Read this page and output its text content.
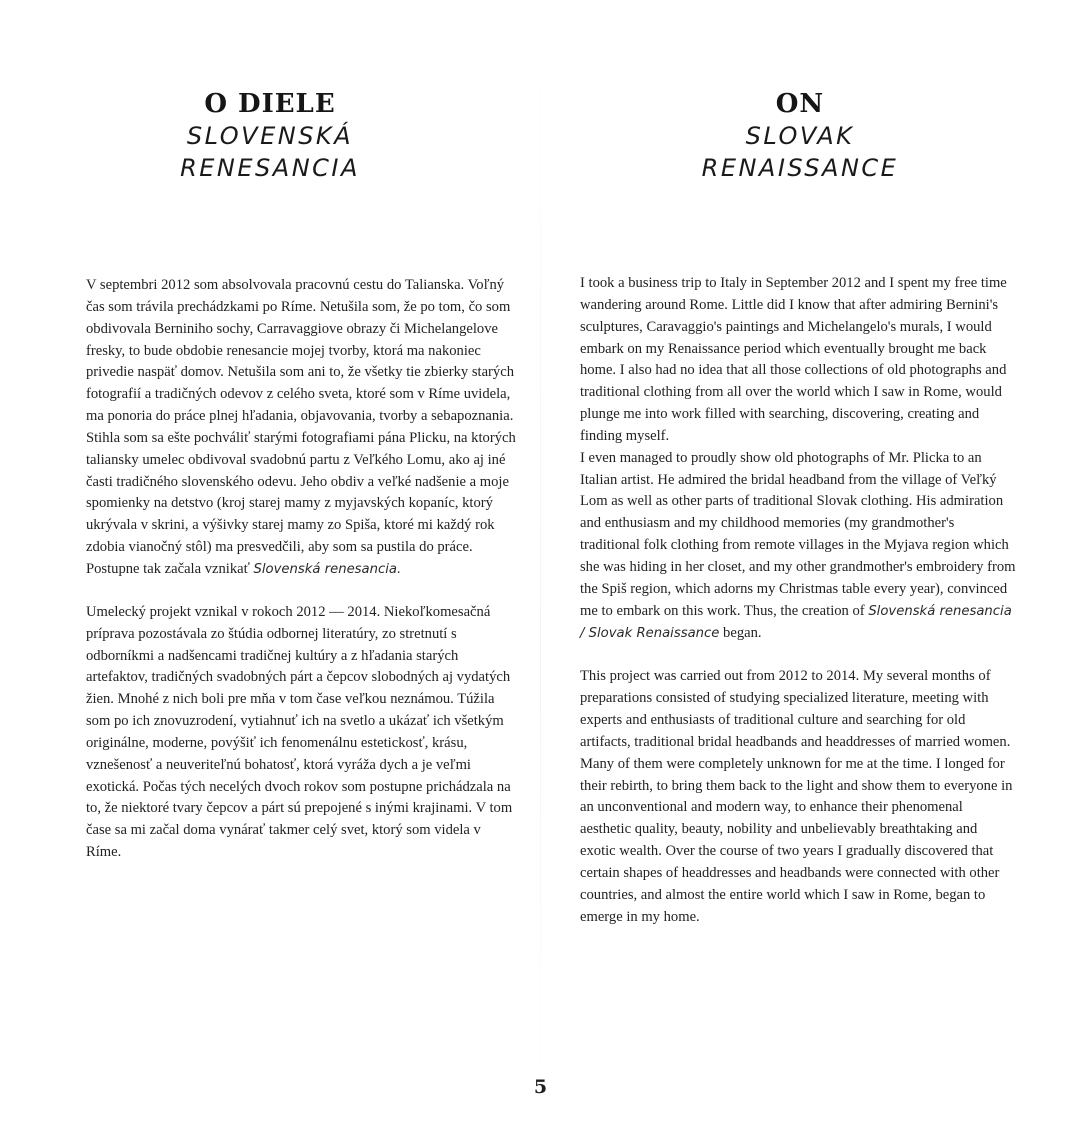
O DIELE
SLOVENSKÁ
RENESANCIA

V septembri 2012 som absolvovala pracovnú cestu do Talianska. Voľný čas som trávila prechádzkami po Ríme. Netušila som, že po tom, čo som obdivovala Berniniho sochy, Carravaggiove obrazy či Michelangelove fresky, to bude obdobie renesancie mojej tvorby, ktorá ma nakoniec privedie naspäť domov. Netušila som ani to, že všetky tie zbierky starých fotografií a tradičných odevov z celého sveta, ktoré som v Ríme uvidela, ma ponoria do práce plnej hľadania, objavovania, tvorby a sebapoznania. Stihla som sa ešte pochváliť starými fotografiami pána Plicku, na ktorých taliansky umelec obdivoval svadobnú partu z Veľkého Lomu, ako aj iné časti tradičného slovenského odevu. Jeho obdiv a veľké nadšenie a moje spomienky na detstvo (kroj starej mamy z myjavských kopaníc, ktorý ukrývala v skrini, a výšivky starej mamy zo Spiša, ktoré mi každý rok zdobia vianočný stôl) ma presvedčili, aby som sa pustila do práce. Postupne tak začala vznikať Slovenská renesancia.

Umelecký projekt vznikal v rokoch 2012 — 2014. Niekoľkomesačná príprava pozostávala zo štúdia odbornej literatúry, zo stretnutí s odborníkmi a nadšencami tradičnej kultúry a z hľadania starých artefaktov, tradičných svadobných párt a čepcov slobodných aj vydatých žien. Mnohé z nich boli pre mňa v tom čase veľkou neznámou. Túžila som po ich znovuzrodení, vytiahnuť ich na svetlo a ukázať ich všetkým originálne, moderne, povýšiť ich fenomenálnu estetickosť, krásu, vznešenosť a neuveriteľnú bohatosť, ktorá vyráža dych a je veľmi exotická. Počas tých necelých dvoch rokov som postupne prichádzala na to, že niektoré tvary čepcov a párt sú prepojené s inými krajinami. V tom čase sa mi začal doma vynárať takmer celý svet, ktorý som videla v Ríme.

ON
SLOVAK
RENAISSANCE

I took a business trip to Italy in September 2012 and I spent my free time wandering around Rome. Little did I know that after admiring Bernini's sculptures, Caravaggio's paintings and Michelangelo's murals, I would embark on my Renaissance period which eventually brought me back home. I also had no idea that all those collections of old photographs and traditional clothing from all over the world which I saw in Rome, would plunge me into work filled with searching, discovering, creating and finding myself.

I even managed to proudly show old photographs of Mr. Plicka to an Italian artist. He admired the bridal headband from the village of Veľký Lom as well as other parts of traditional Slovak clothing. His admiration and enthusiasm and my childhood memories (my grandmother's traditional folk clothing from remote villages in the Myjava region which she was hiding in her closet, and my other grandmother's embroidery from the Spiš region, which adorns my Christmas table every year), convinced me to embark on this work. Thus, the creation of Slovenská renesancia / Slovak Renaissance began.

This project was carried out from 2012 to 2014. My several months of preparations consisted of studying specialized literature, meeting with experts and enthusiasts of traditional culture and searching for old artifacts, traditional bridal headbands and headdresses of married women. Many of them were completely unknown for me at the time. I longed for their rebirth, to bring them back to the light and show them to everyone in an unconventional and modern way, to enhance their phenomenal aesthetic quality, beauty, nobility and unbelievably breathtaking and exotic wealth. Over the course of two years I gradually discovered that certain shapes of headdresses and headbands were connected with other countries, and almost the entire world which I saw in Rome, began to emerge in my home.

5
